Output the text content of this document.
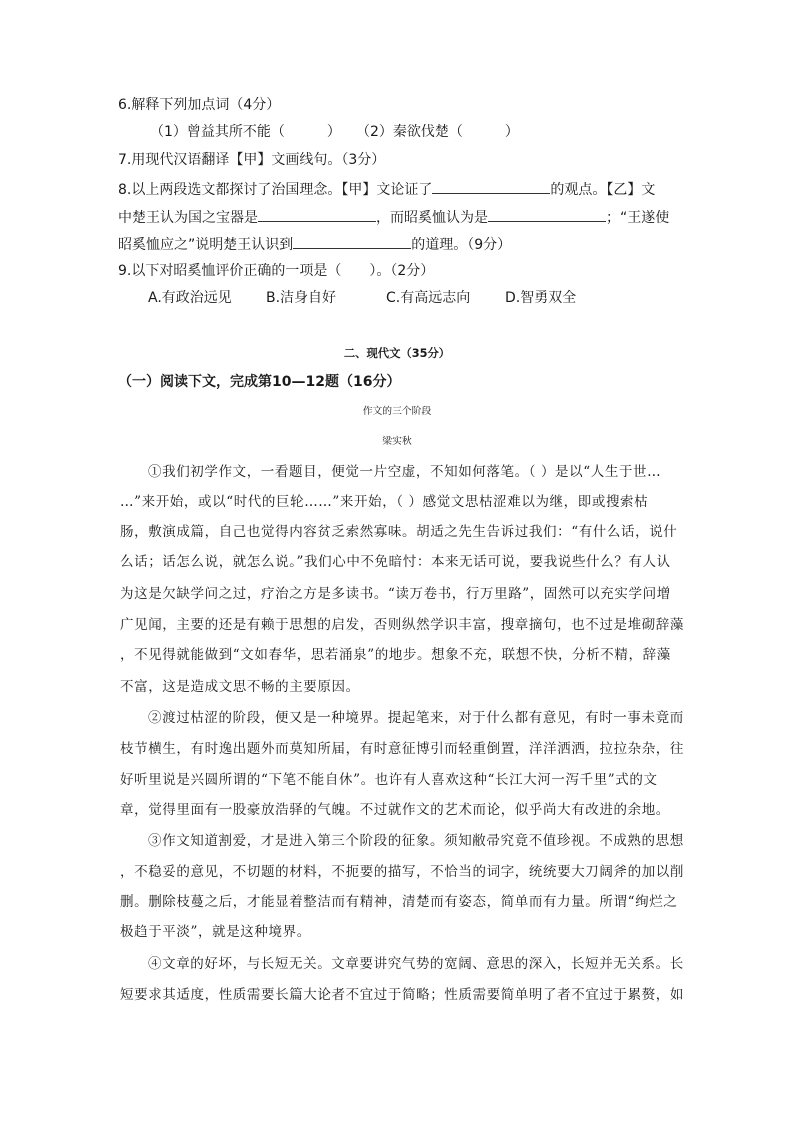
6.解释下列加点词（4分）
（1）曾益其所不能（　　　） （2）秦欲伐楚（　　　）
7.用现代汉语翻译【甲】文画线句。（3分）
8.以上两段选文都探讨了治国理念。【甲】文论证了	的观点。【乙】文
中楚王认为国之宝器是	，而昭奚恤认为是	；“王遂使
昭奚恤应之”说明楚王认识到	的道理。（9分）
9.以下对昭奚恤评价正确的一项是（　　）。（2分）
A.有政治远见 B.洁身自好	C.有高远志向 D.智勇双全
二、现代文（35分）
（一）阅读下文，完成第10—12题（16分）
作文的三个阶段
梁实秋
①我们初学作文，一看题目，便觉一片空虚，不知如何落笔。（ ）是以“人生于世…
…”来开始，或以“时代的巨轮……”来开始，（ ）感觉文思枯涩难以为继，即或搜索枯
肠，敷演成篇，自己也觉得内容贫乏索然寡味。胡适之先生告诉过我们：“有什么话，说什
么话；话怎么说，就怎么说。”我们心中不免暗忖：本来无话可说，要我说些什么？有人认
为这是欠缺学问之过，疗治之方是多读书。“读万卷书，行万里路”，固然可以充实学问增
广见闻，主要的还是有赖于思想的启发，否则纵然学识丰富，搜章摘句，也不过是堆砌辞藻
，不见得就能做到“文如春华，思若涌泉”的地步。想象不充，联想不快，分析不精，辞藻
不富，这是造成文思不畅的主要原因。
②渡过枯涩的阶段，便又是一种境界。提起笔来，对于什么都有意见，有时一事未竟而
枝节横生，有时逸出题外而莫知所届，有时意征博引而轻重倒置，洋洋洒洒，拉拉杂杂，往
好听里说是兴圆所谓的“下笔不能自休”。也许有人喜欢这种“长江大河一泻千里”式的文
章，觉得里面有一股豪放浩驿的气魄。不过就作文的艺术而论，似乎尚大有改进的余地。
③作文知道割爱，才是进入第三个阶段的征象。须知敝帚究竟不值珍视。不成熟的思想
，不稳妥的意见，不切题的材料，不扼要的描写，不恰当的词字，统统要大刀阔斧的加以削
删。删除枝蔓之后，才能显着整洁而有精神，清楚而有姿态，简单而有力量。所谓“绚烂之
极趋于平淡”，就是这种境界。
④文章的好坏，与长短无关。文章要讲究气势的宽阔、意思的深入，长短并无关系。长
短要求其适度，性质需要长篇大论者不宜过于简略；性质需要简单明了者不宜过于累赘，如
